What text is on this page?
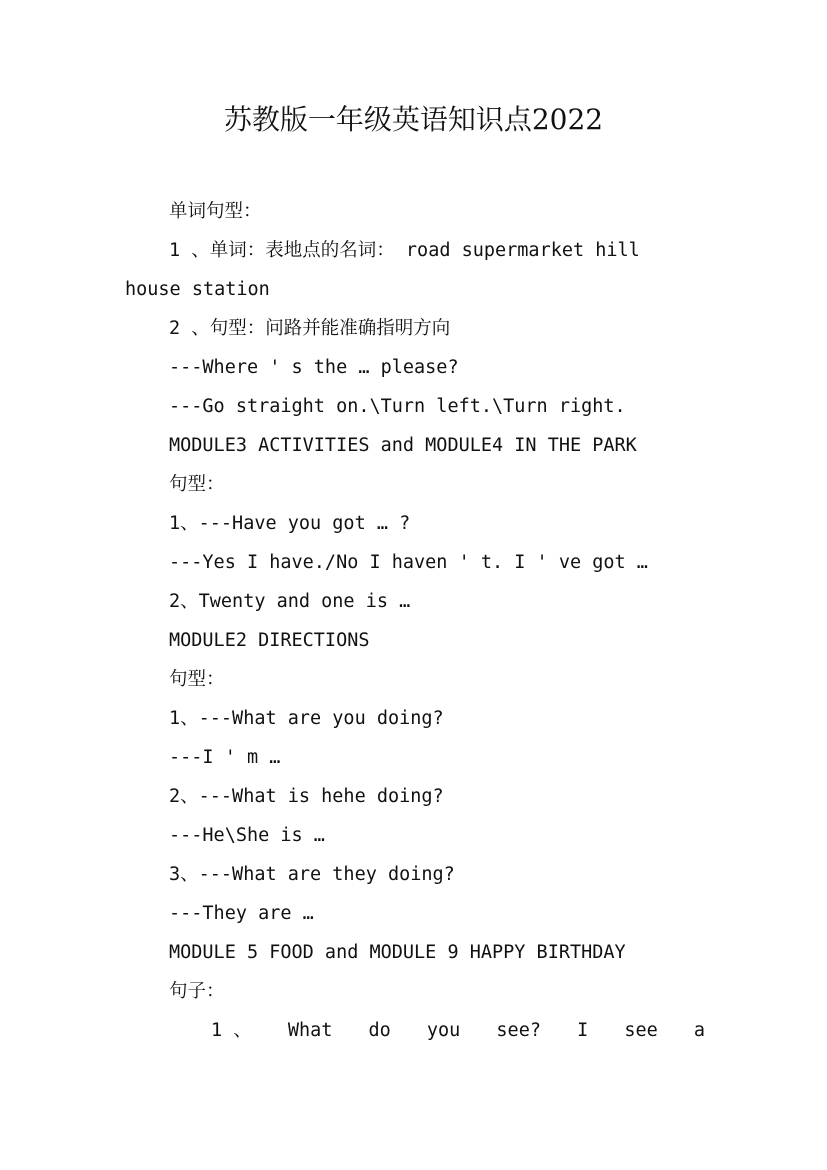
苏教版一年级英语知识点2022
单词句型：
1 、单词：表地点的名词： road supermarket hill
house station
2 、句型：问路并能准确指明方向
---Where ' s the … please?
---Go straight on.\Turn left.\Turn right.
MODULE3 ACTIVITIES and MODULE4 IN THE PARK
句型：
1、---Have you got … ?
---Yes I have./No I haven ' t. I ' ve got …
2、Twenty and one is …
MODULE2 DIRECTIONS
句型：
1、---What are you doing?
---I ' m …
2、---What is hehe doing?
---He\She is …
3、---What are they doing?
---They are …
MODULE 5 FOOD and MODULE 9 HAPPY BIRTHDAY
句子：
1 、 What do you see? I see a
